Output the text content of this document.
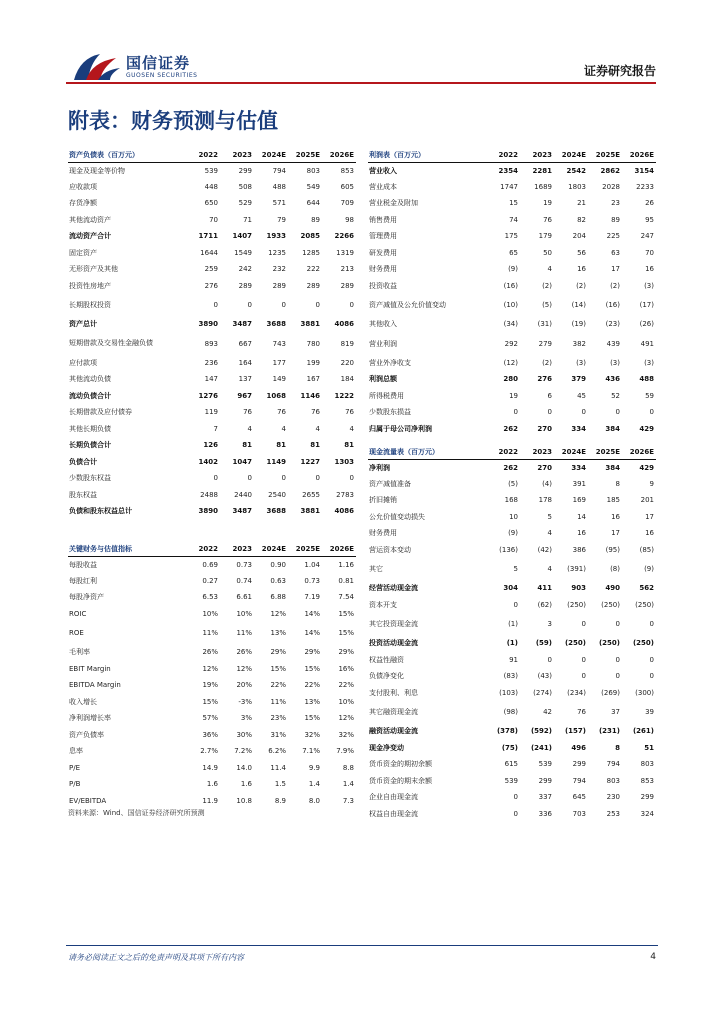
国信证券
GUOSEN SECURITIES	证券研究报告
附表：财务预测与估值
资产负债表（百万元）	2022	2023	2024E	2025E	2026E
现金及现金等价物	539	299	794	803	853
应收款项	448	508	488	549	605
存货净额	650	529	571	644	709
其他流动资产	70	71	79	89	98
流动资产合计	1711	1407	1933	2085	2266
固定资产	1644	1549	1235	1285	1319
无形资产及其他	259	242	232	222	213
投资性房地产	276	289	289	289	289
长期股权投资	0	0	0	0	0
资产总计	3890	3487	3688	3881	4086
短期借款及交易性金融负债	893	667	743	780	819
应付款项	236	164	177	199	220
其他流动负债	147	137	149	167	184
流动负债合计	1276	967	1068	1146	1222
长期借款及应付债券	119	76	76	76	76
其他长期负债	7	4	4	4	4
长期负债合计	126	81	81	81	81
负债合计	1402	1047	1149	1227	1303
少数股东权益	0	0	0	0	0
股东权益	2488	2440	2540	2655	2783
负债和股东权益总计	3890	3487	3688	3881	4086
利润表（百万元）	2022	2023	2024E	2025E	2026E
营业收入	2354	2281	2542	2862	3154
营业成本	1747	1689	1803	2028	2233
营业税金及附加	15	19	21	23	26
销售费用	74	76	82	89	95
管理费用	175	179	204	225	247
研发费用	65	50	56	63	70
财务费用	(9)	4	16	17	16
投资收益	(16)	(2)	(2)	(2)	(3)
资产减值及公允价值变动	(10)	(5)	(14)	(16)	(17)
其他收入	(34)	(31)	(19)	(23)	(26)
营业利润	292	279	382	439	491
营业外净收支	(12)	(2)	(3)	(3)	(3)
利润总额	280	276	379	436	488
所得税费用	19	6	45	52	59
少数股东损益	0	0	0	0	0
归属于母公司净利润	262	270	334	384	429
现金流量表（百万元）	2022	2023	2024E	2025E	2026E
净利润	262	270	334	384	429
资产减值准备	(5)	(4)	391	8	9
折旧摊销	168	178	169	185	201
公允价值变动损失	10	5	14	16	17
财务费用	(9)	4	16	17	16
营运资本变动	(136)	(42)	386	(95)	(85)
其它	5	4	(391)	(8)	(9)
经营活动现金流	304	411	903	490	562
资本开支	0	(62)	(250)	(250)	(250)
其它投资现金流	(1)	3	0	0	0
投资活动现金流	(1)	(59)	(250)	(250)	(250)
权益性融资	91	0	0	0	0
负债净变化	(83)	(43)	0	0	0
支付股利、利息	(103)	(274)	(234)	(269)	(300)
其它融资现金流	(98)	42	76	37	39
融资活动现金流	(378)	(592)	(157)	(231)	(261)
现金净变动	(75)	(241)	496	8	51
货币资金的期初余额	615	539	299	794	803
货币资金的期末余额	539	299	794	803	853
企业自由现金流	0	337	645	230	299
权益自由现金流	0	336	703	253	324
关键财务与估值指标	2022	2023	2024E	2025E	2026E
每股收益	0.69	0.73	0.90	1.04	1.16
每股红利	0.27	0.74	0.63	0.73	0.81
每股净资产	6.53	6.61	6.88	7.19	7.54
ROIC	10%	10%	12%	14%	15%
ROE	11%	11%	13%	14%	15%
毛利率	26%	26%	29%	29%	29%
EBIT Margin	12%	12%	15%	15%	16%
EBITDA Margin	19%	20%	22%	22%	22%
收入增长	15%	-3%	11%	13%	10%
净利润增长率	57%	3%	23%	15%	12%
资产负债率	36%	30%	31%	32%	32%
息率	2.7%	7.2%	6.2%	7.1%	7.9%
P/E	14.9	14.0	11.4	9.9	8.8
P/B	1.6	1.6	1.5	1.4	1.4
EV/EBITDA	11.9	10.8	8.9	8.0	7.3
资料来源：Wind、国信证券经济研究所预测
请务必阅读正文之后的免责声明及其项下所有内容	4
